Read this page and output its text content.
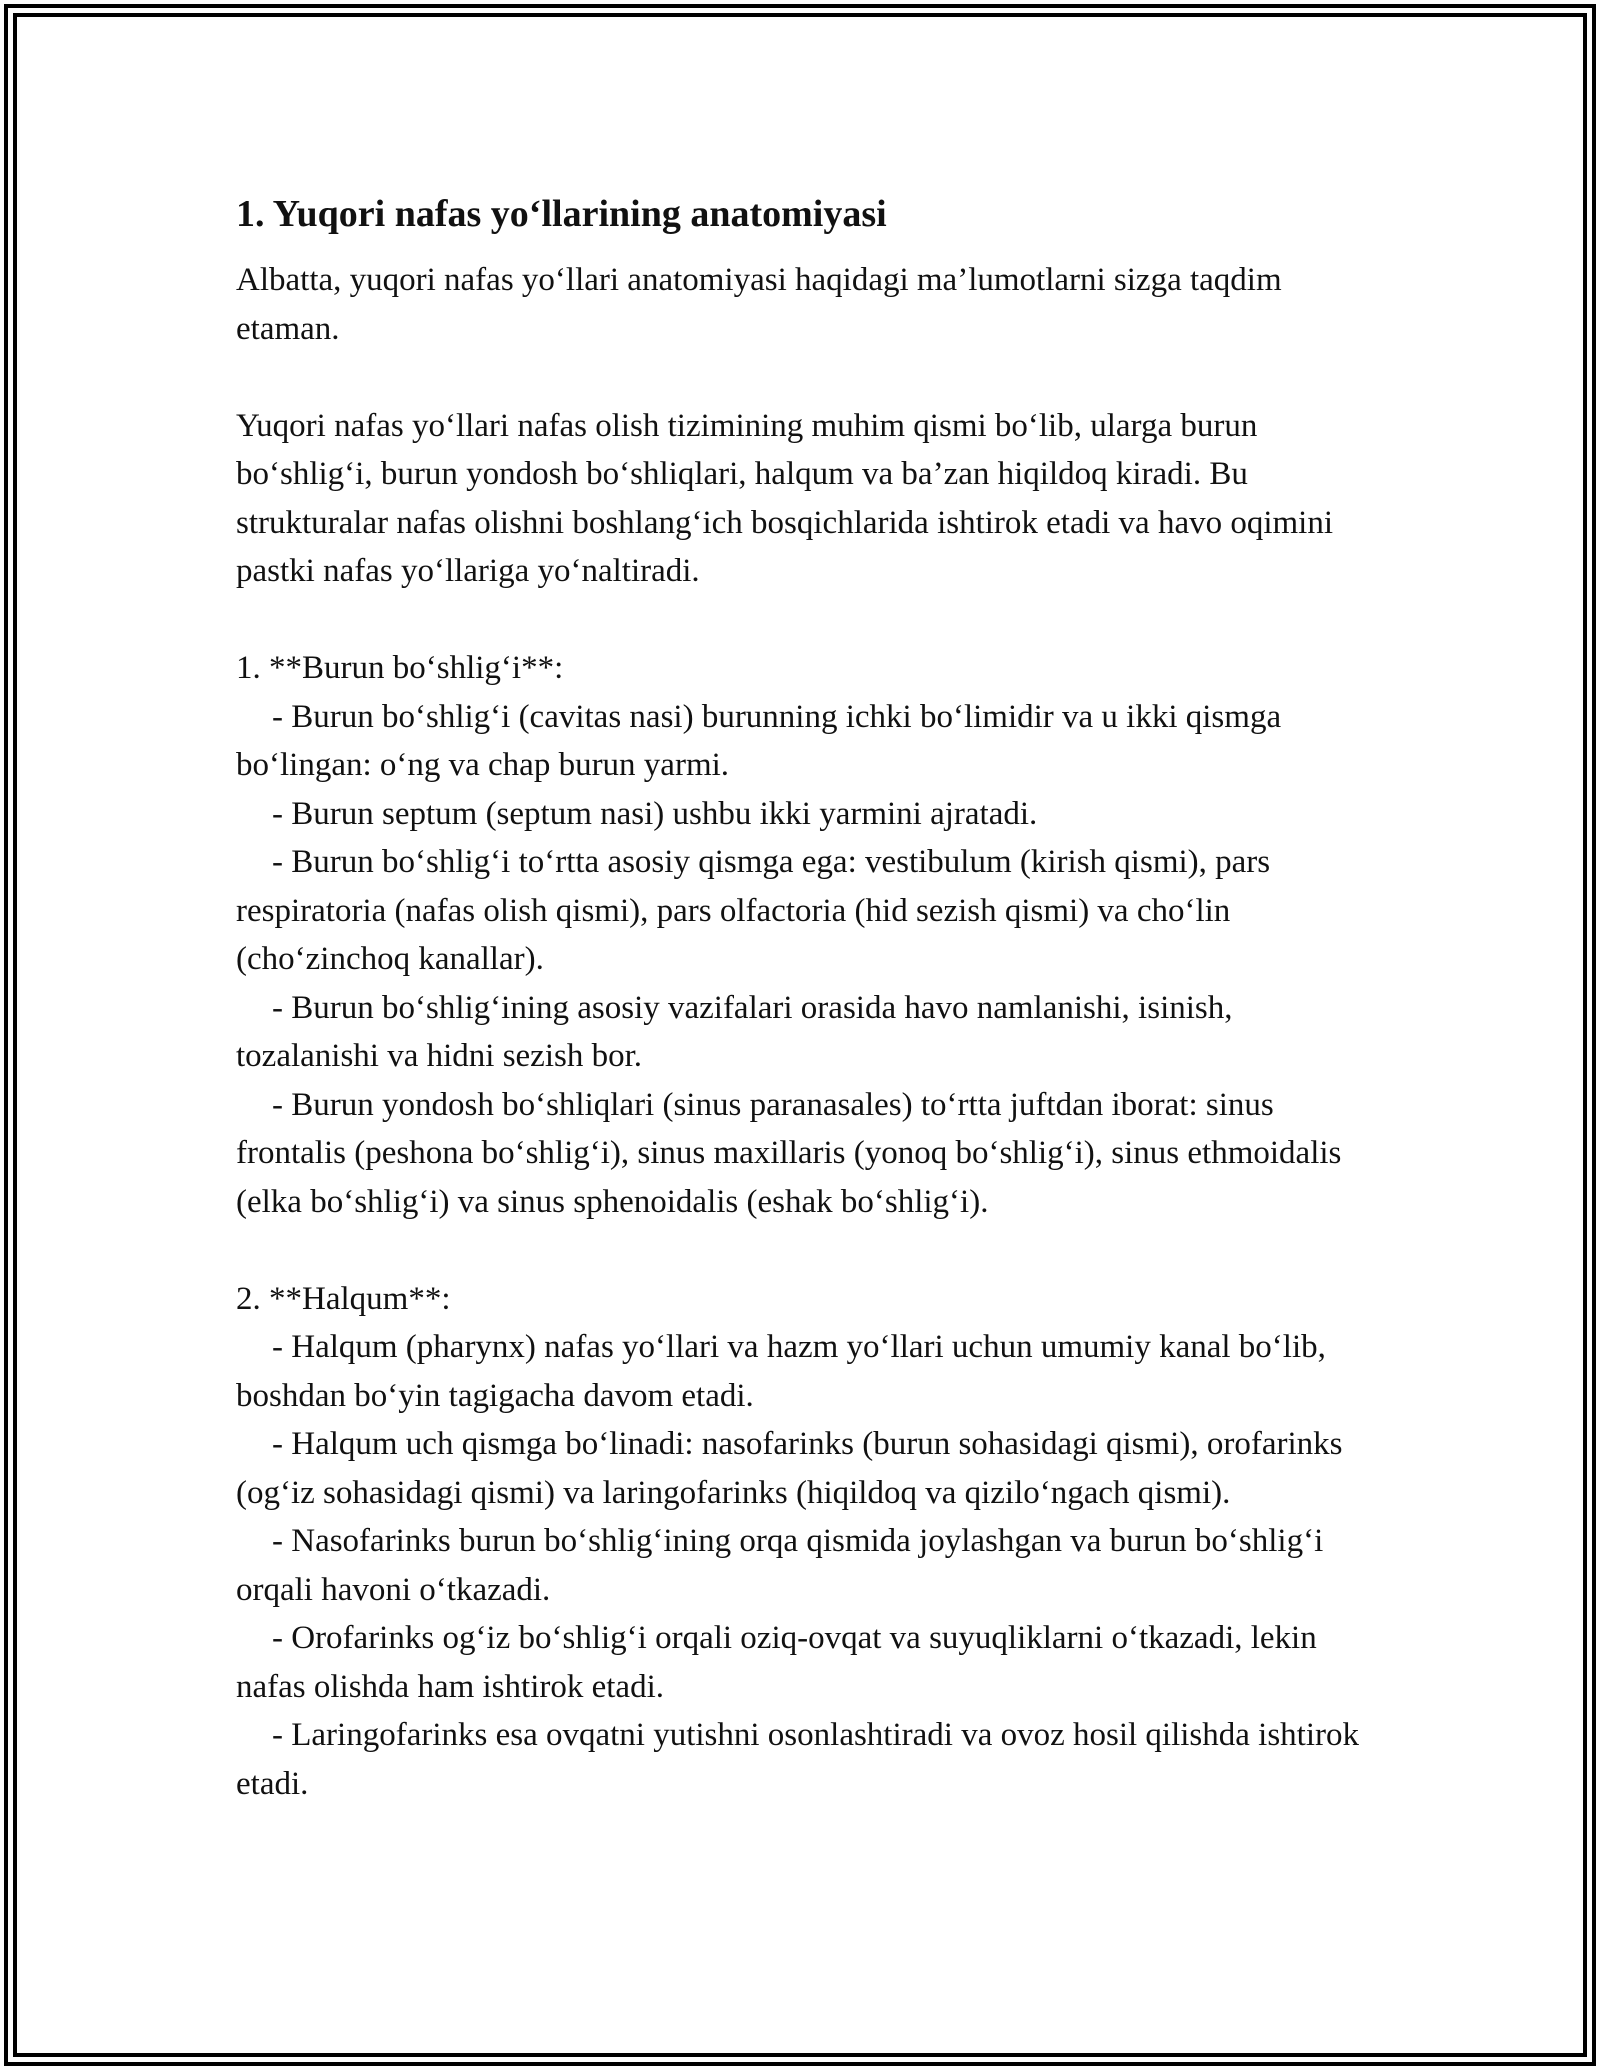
1. Yuqori nafas yo‘llarining anatomiyasi

Albatta, yuqori nafas yo‘llari anatomiyasi haqidagi ma’lumotlarni sizga taqdim etaman.

Yuqori nafas yo‘llari nafas olish tizimining muhim qismi bo‘lib, ularga burun bo‘shlig‘i, burun yondosh bo‘shliqlari, halqum va ba’zan hiqildoq kiradi. Bu strukturalar nafas olishni boshlang‘ich bosqichlarida ishtirok etadi va havo oqimini pastki nafas yo‘llariga yo‘naltiradi.

1. **Burun bo‘shlig‘i**:

- Burun bo‘shlig‘i (cavitas nasi) burunning ichki bo‘limidir va u ikki qismga bo‘lingan: o‘ng va chap burun yarmi.

- Burun septum (septum nasi) ushbu ikki yarmini ajratadi.

- Burun bo‘shlig‘i to‘rtta asosiy qismga ega: vestibulum (kirish qismi), pars respiratoria (nafas olish qismi), pars olfactoria (hid sezish qismi) va cho‘lin (cho‘zinchoq kanallar).

- Burun bo‘shlig‘ining asosiy vazifalari orasida havo namlanishi, isinish, tozalanishi va hidni sezish bor.

- Burun yondosh bo‘shliqlari (sinus paranasales) to‘rtta juftdan iborat: sinus frontalis (peshona bo‘shlig‘i), sinus maxillaris (yonoq bo‘shlig‘i), sinus ethmoidalis (elka bo‘shlig‘i) va sinus sphenoidalis (eshak bo‘shlig‘i).

2. **Halqum**:

- Halqum (pharynx) nafas yo‘llari va hazm yo‘llari uchun umumiy kanal bo‘lib, boshdan bo‘yin tagigacha davom etadi.

- Halqum uch qismga bo‘linadi: nasofarinks (burun sohasidagi qismi), orofarinks (og‘iz sohasidagi qismi) va laringofarinks (hiqildoq va qizilo‘ngach qismi).

- Nasofarinks burun bo‘shlig‘ining orqa qismida joylashgan va burun bo‘shlig‘i orqali havoni o‘tkazadi.

- Orofarinks og‘iz bo‘shlig‘i orqali oziq-ovqat va suyuqliklarni o‘tkazadi, lekin nafas olishda ham ishtirok etadi.

- Laringofarinks esa ovqatni yutishni osonlashtiradi va ovoz hosil qilishda ishtirok etadi.
